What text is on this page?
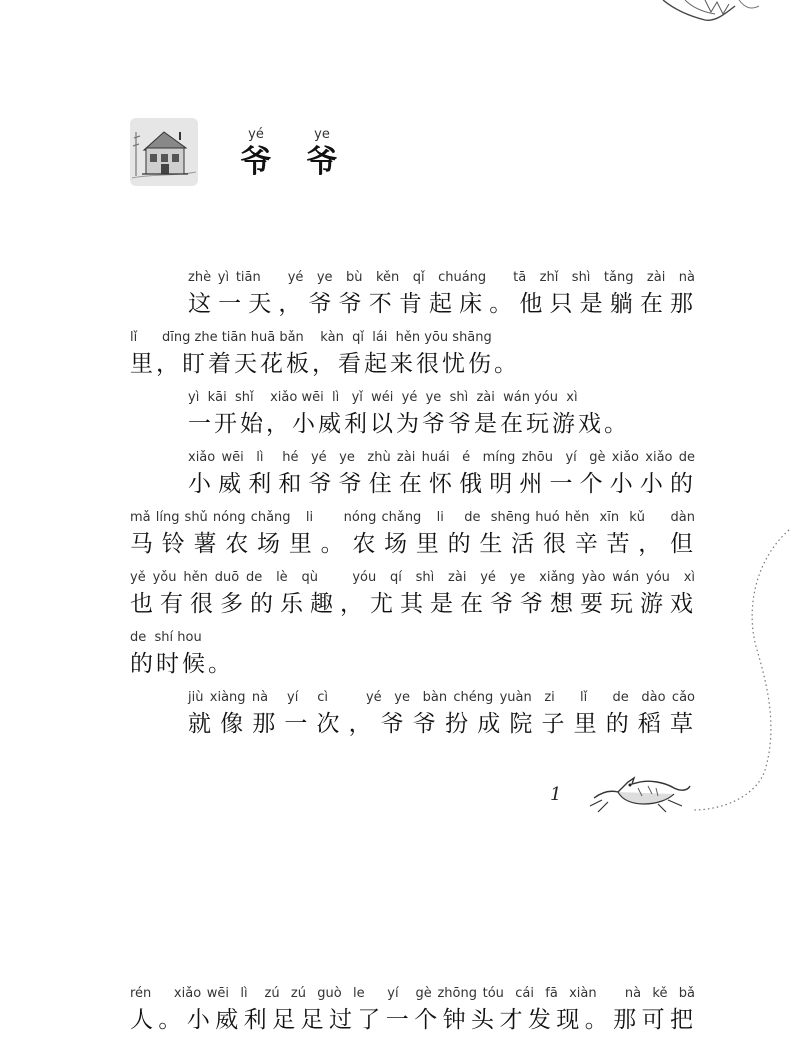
yé
爷
ye
爷
zhè yì tiān    yé  ye  bù  kěn  qǐ  chuáng    tā  zhǐ  shì  tǎng  zài  nà
这一天，爷爷不肯起床。他只是躺在那
lǐ      dīng zhe tiān huā bǎn    kàn  qǐ  lái  hěn yōu shāng
里，盯着天花板，看起来很忧伤。
yì  kāi  shǐ    xiǎo wēi  lì   yǐ  wéi  yé  ye  shì  zài  wán yóu  xì
一开始，小威利以为爷爷是在玩游戏。
xiǎo wēi  lì   hé  yé  ye  zhù zài huái  é  míng zhōu  yí  gè xiǎo xiǎo de
小威利和爷爷住在怀俄明州一个小小的
mǎ líng shǔ nóng chǎng   li      nóng chǎng   li    de  shēng huó hěn  xīn  kǔ     dàn
马铃薯农场里。农场里的生活很辛苦，但
yě yǒu hěn duō de  lè  qù     yóu  qí  shì  zài  yé  ye  xiǎng yào wán yóu  xì
也有很多的乐趣，尤其是在爷爷想要玩游戏
de  shí hou
的时候。
jiù xiàng nà   yí   cì      yé  ye  bàn chéng yuàn  zi    lǐ    de  dào cǎo
就像那一次，爷爷扮成院子里的稻草
1
rén    xiǎo wēi  lì   zú  zú  guò  le    yí   gè zhōng tóu  cái  fā  xiàn     nà  kě  bǎ
人。小威利足足过了一个钟头才发现。那可把
